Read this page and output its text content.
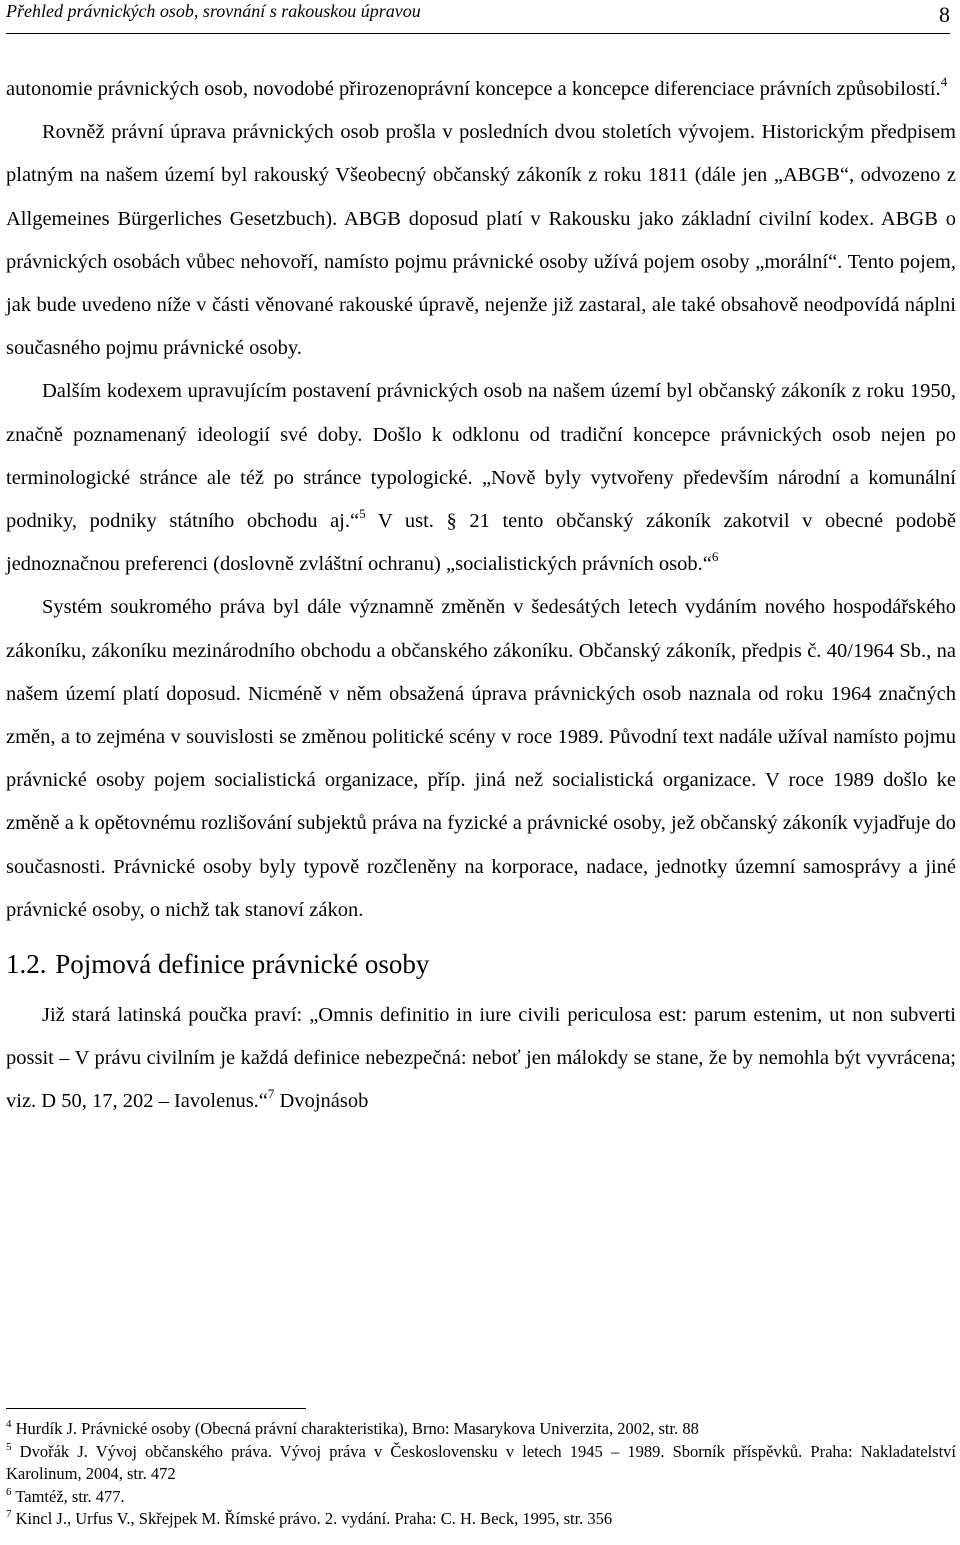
Přehled právnických osob, srovnání s rakouskou úpravou	8

autonomie právnických osob, novodobé přirozenoprávní koncepce a koncepce diferenciace právních způsobilostí.$^4$

Rovněž právní úprava právnických osob prošla v posledních dvou stoletích vývojem. Historickým předpisem platným na našem území byl rakouský Všeobecný občanský zákoník z roku 1811 (dále jen „ABGB“, odvozeno z Allgemeines Bürgerliches Gesetzbuch). ABGB doposud platí v Rakousku jako základní civilní kodex. ABGB o právnických osobách vůbec nehovoří, namísto pojmu právnické osoby užívá pojem osoby „morální“. Tento pojem, jak bude uvedeno níže v části věnované rakouské úpravě, nejenže již zastaral, ale také obsahově neodpovídá náplni současného pojmu právnické osoby.

Dalším kodexem upravujícím postavení právnických osob na našem území byl občanský zákoník z roku 1950, značně poznamenaný ideologií své doby. Došlo k odklonu od tradiční koncepce právnických osob nejen po terminologické stránce ale též po stránce typologické. „Nově byly vytvořeny především národní a komunální podniky, podniky státního obchodu aj.“$^5$ V ust. § 21 tento občanský zákoník zakotvil v obecné podobě jednoznačnou preferenci (doslovně zvláštní ochranu) „socialistických právních osob.“$^6$

Systém soukromého práva byl dále významně změněn v šedesátých letech vydáním nového hospodářského zákoníku, zákoníku mezinárodního obchodu a občanského zákoníku. Občanský zákoník, předpis č. 40/1964 Sb., na našem území platí doposud. Nicméně v něm obsažená úprava právnických osob naznala od roku 1964 značných změn, a to zejména v souvislosti se změnou politické scény v roce 1989. Původní text nadále užíval namísto pojmu právnické osoby pojem socialistická organizace, příp. jiná než socialistická organizace. V roce 1989 došlo ke změně a k opětovnému rozlišování subjektů práva na fyzické a právnické osoby, jež občanský zákoník vyjadřuje do současnosti. Právnické osoby byly typově rozčleněny na korporace, nadace, jednotky územní samosprávy a jiné právnické osoby, o nichž tak stanoví zákon.

1.2. Pojmová definice právnické osoby

Již stará latinská poučka praví: „Omnis definitio in iure civili periculosa est: parum estenim, ut non subverti possit – V právu civilním je každá definice nebezpečná: neboť jen málokdy se stane, že by nemohla být vyvrácena; viz. D 50, 17, 202 – Iavolenus.“$^7$ Dvojnásob

$^4$ Hurdík J. Právnické osoby (Obecná právní charakteristika), Brno: Masarykova Univerzita, 2002, str. 88

$^5$ Dvořák J. Vývoj občanského práva. Vývoj práva v Československu v letech 1945 – 1989. Sborník příspěvků. Praha: Nakladatelství Karolinum, 2004, str. 472

$^6$ Tamtéž, str. 477.

$^7$ Kincl J., Urfus V., Skřejpek M. Římské právo. 2. vydání. Praha: C. H. Beck, 1995, str. 356
